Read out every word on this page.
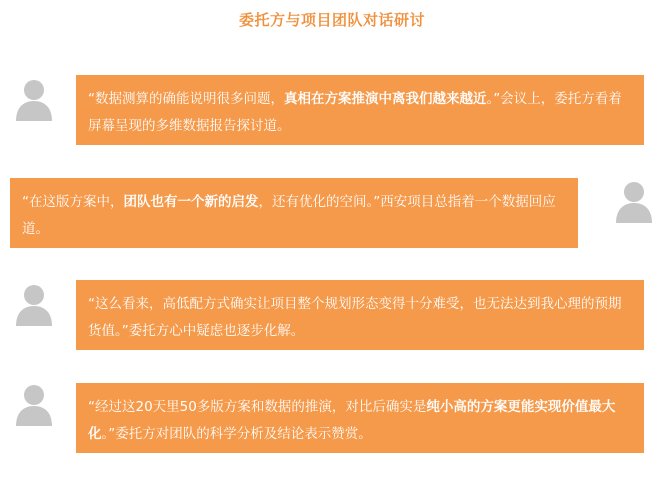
委托方与项目团队对话研讨
“数据测算的确能说明很多问题，真相在方案推演中离我们越来越近。”会议上，委托方看着屏幕呈现的多维数据报告探讨道。
“在这版方案中，团队也有一个新的启发，还有优化的空间。”西安项目总指着一个数据回应道。
“这么看来，高低配方式确实让项目整个规划形态变得十分难受，也无法达到我心理的预期货值。”委托方心中疑虑也逐步化解。
“经过这20天里50多版方案和数据的推演，对比后确实是纯小高的方案更能实现价值最大化。”委托方对团队的科学分析及结论表示赞赏。
